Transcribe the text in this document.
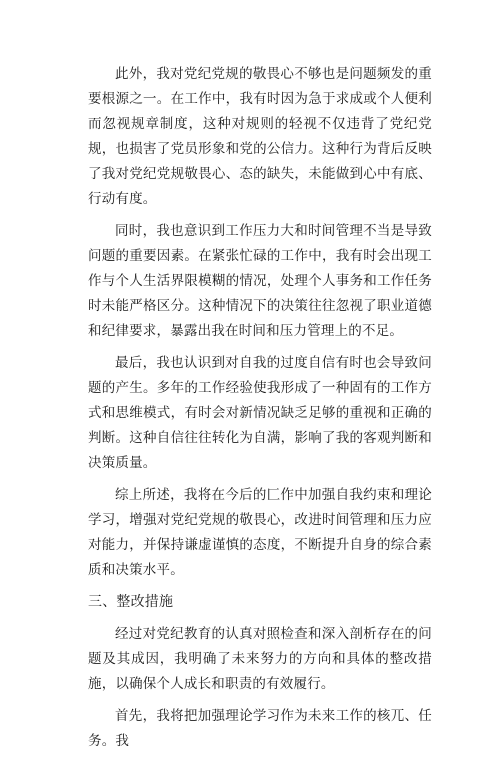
此外，我对党纪党规的敬畏心不够也是问题频发的重要根源之一。在工作中，我有时因为急于求成或个人便利而忽视规章制度，这种对规则的轻视不仅违背了党纪党规，也损害了党员形象和党的公信力。这种行为背后反映了我对党纪党规敬畏心、态的缺失，未能做到心中有底、行动有度。

同时，我也意识到工作压力大和时间管理不当是导致问题的重要因素。在紧张忙碌的工作中，我有时会出现工作与个人生活界限模糊的情况，处理个人事务和工作任务时未能严格区分。这种情况下的决策往往忽视了职业道德和纪律要求，暴露出我在时间和压力管理上的不足。

最后，我也认识到对自我的过度自信有时也会导致问题的产生。多年的工作经验使我形成了一种固有的工作方式和思维模式，有时会对新情况缺乏足够的重视和正确的判断。这种自信往往转化为自满，影响了我的客观判断和决策质量。

综上所述，我将在今后的匚作中加强自我约束和理论学习，增强对党纪党规的敬畏心，改进时间管理和压力应对能力，并保持谦虚谨慎的态度，不断提升自身的综合素质和决策水平。

三、整改措施

经过对党纪教育的认真对照检查和深入剖析存在的问题及其成因，我明确了未来努力的方向和具体的整改措施，以确保个人成长和职责的有效履行。

首先，我将把加强理论学习作为未来工作的核兀、任务。我
